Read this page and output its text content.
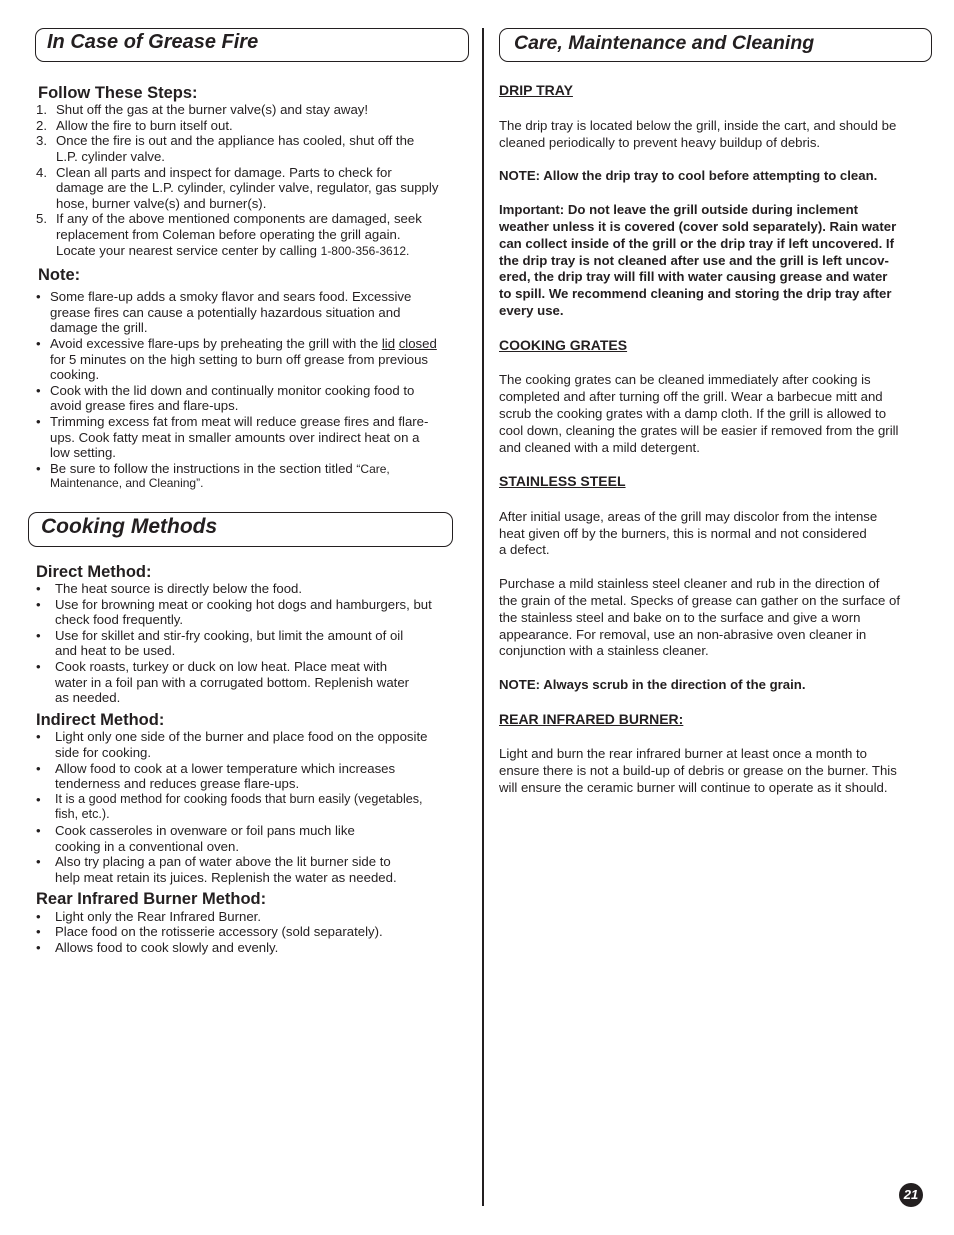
In Case of Grease Fire
Follow These Steps:
1. Shut off the gas at the burner valve(s) and stay away!
2. Allow the fire to burn itself out.
3. Once the fire is out and the appliance has cooled, shut off the
L.P. cylinder valve.
4. Clean all parts and inspect for damage. Parts to check for
damage are the L.P. cylinder, cylinder valve, regulator, gas supply
hose, burner valve(s) and burner(s).
5. If any of the above mentioned components are damaged, seek
replacement from Coleman before operating the grill again.
Locate your nearest service center by calling 1-800-356-3612.
Note:
• Some flare-up adds a smoky flavor and sears food. Excessive
grease fires can cause a potentially hazardous situation and
damage the grill.
• Avoid excessive flare-ups by preheating the grill with the lid closed
for 5 minutes on the high setting to burn off grease from previous
cooking.
• Cook with the lid down and continually monitor cooking food to
avoid grease fires and flare-ups.
• Trimming excess fat from meat will reduce grease fires and flare-
ups. Cook fatty meat in smaller amounts over indirect heat on a
low setting.
• Be sure to follow the instructions in the section titled “Care,
Maintenance, and Cleaning”.
Cooking Methods
Direct Method:
• The heat source is directly below the food.
• Use for browning meat or cooking hot dogs and hamburgers, but
check food frequently.
• Use for skillet and stir-fry cooking, but limit the amount of oil
and heat to be used.
• Cook roasts, turkey or duck on low heat. Place meat with
water in a foil pan with a corrugated bottom. Replenish water
as needed.
Indirect Method:
• Light only one side of the burner and place food on the opposite
side for cooking.
• Allow food to cook at a lower temperature which increases
tenderness and reduces grease flare-ups.
• It is a good method for cooking foods that burn easily (vegetables,
fish, etc.).
• Cook casseroles in ovenware or foil pans much like
cooking in a conventional oven.
• Also try placing a pan of water above the lit burner side to
help meat retain its juices. Replenish the water as needed.
Rear Infrared Burner Method:
• Light only the Rear Infrared Burner.
• Place food on the rotisserie accessory (sold separately).
• Allows food to cook slowly and evenly.
Care, Maintenance and Cleaning
DRIP TRAY
The drip tray is located below the grill, inside the cart, and should be
cleaned periodically to prevent heavy buildup of debris.
NOTE: Allow the drip tray to cool before attempting to clean.
Important: Do not leave the grill outside during inclement
weather unless it is covered (cover sold separately). Rain water
can collect inside of the grill or the drip tray if left uncovered. If
the drip tray is not cleaned after use and the grill is left uncov-
ered, the drip tray will fill with water causing grease and water
to spill. We recommend cleaning and storing the drip tray after
every use.
COOKING GRATES
The cooking grates can be cleaned immediately after cooking is
completed and after turning off the grill. Wear a barbecue mitt and
scrub the cooking grates with a damp cloth. If the grill is allowed to
cool down, cleaning the grates will be easier if removed from the grill
and cleaned with a mild detergent.
STAINLESS STEEL
After initial usage, areas of the grill may discolor from the intense
heat given off by the burners, this is normal and not considered
a defect.
Purchase a mild stainless steel cleaner and rub in the direction of
the grain of the metal. Specks of grease can gather on the surface of
the stainless steel and bake on to the surface and give a worn
appearance. For removal, use an non-abrasive oven cleaner in
conjunction with a stainless cleaner.
NOTE: Always scrub in the direction of the grain.
REAR INFRARED BURNER:
Light and burn the rear infrared burner at least once a month to
ensure there is not a build-up of debris or grease on the burner. This
will ensure the ceramic burner will continue to operate as it should.
21
